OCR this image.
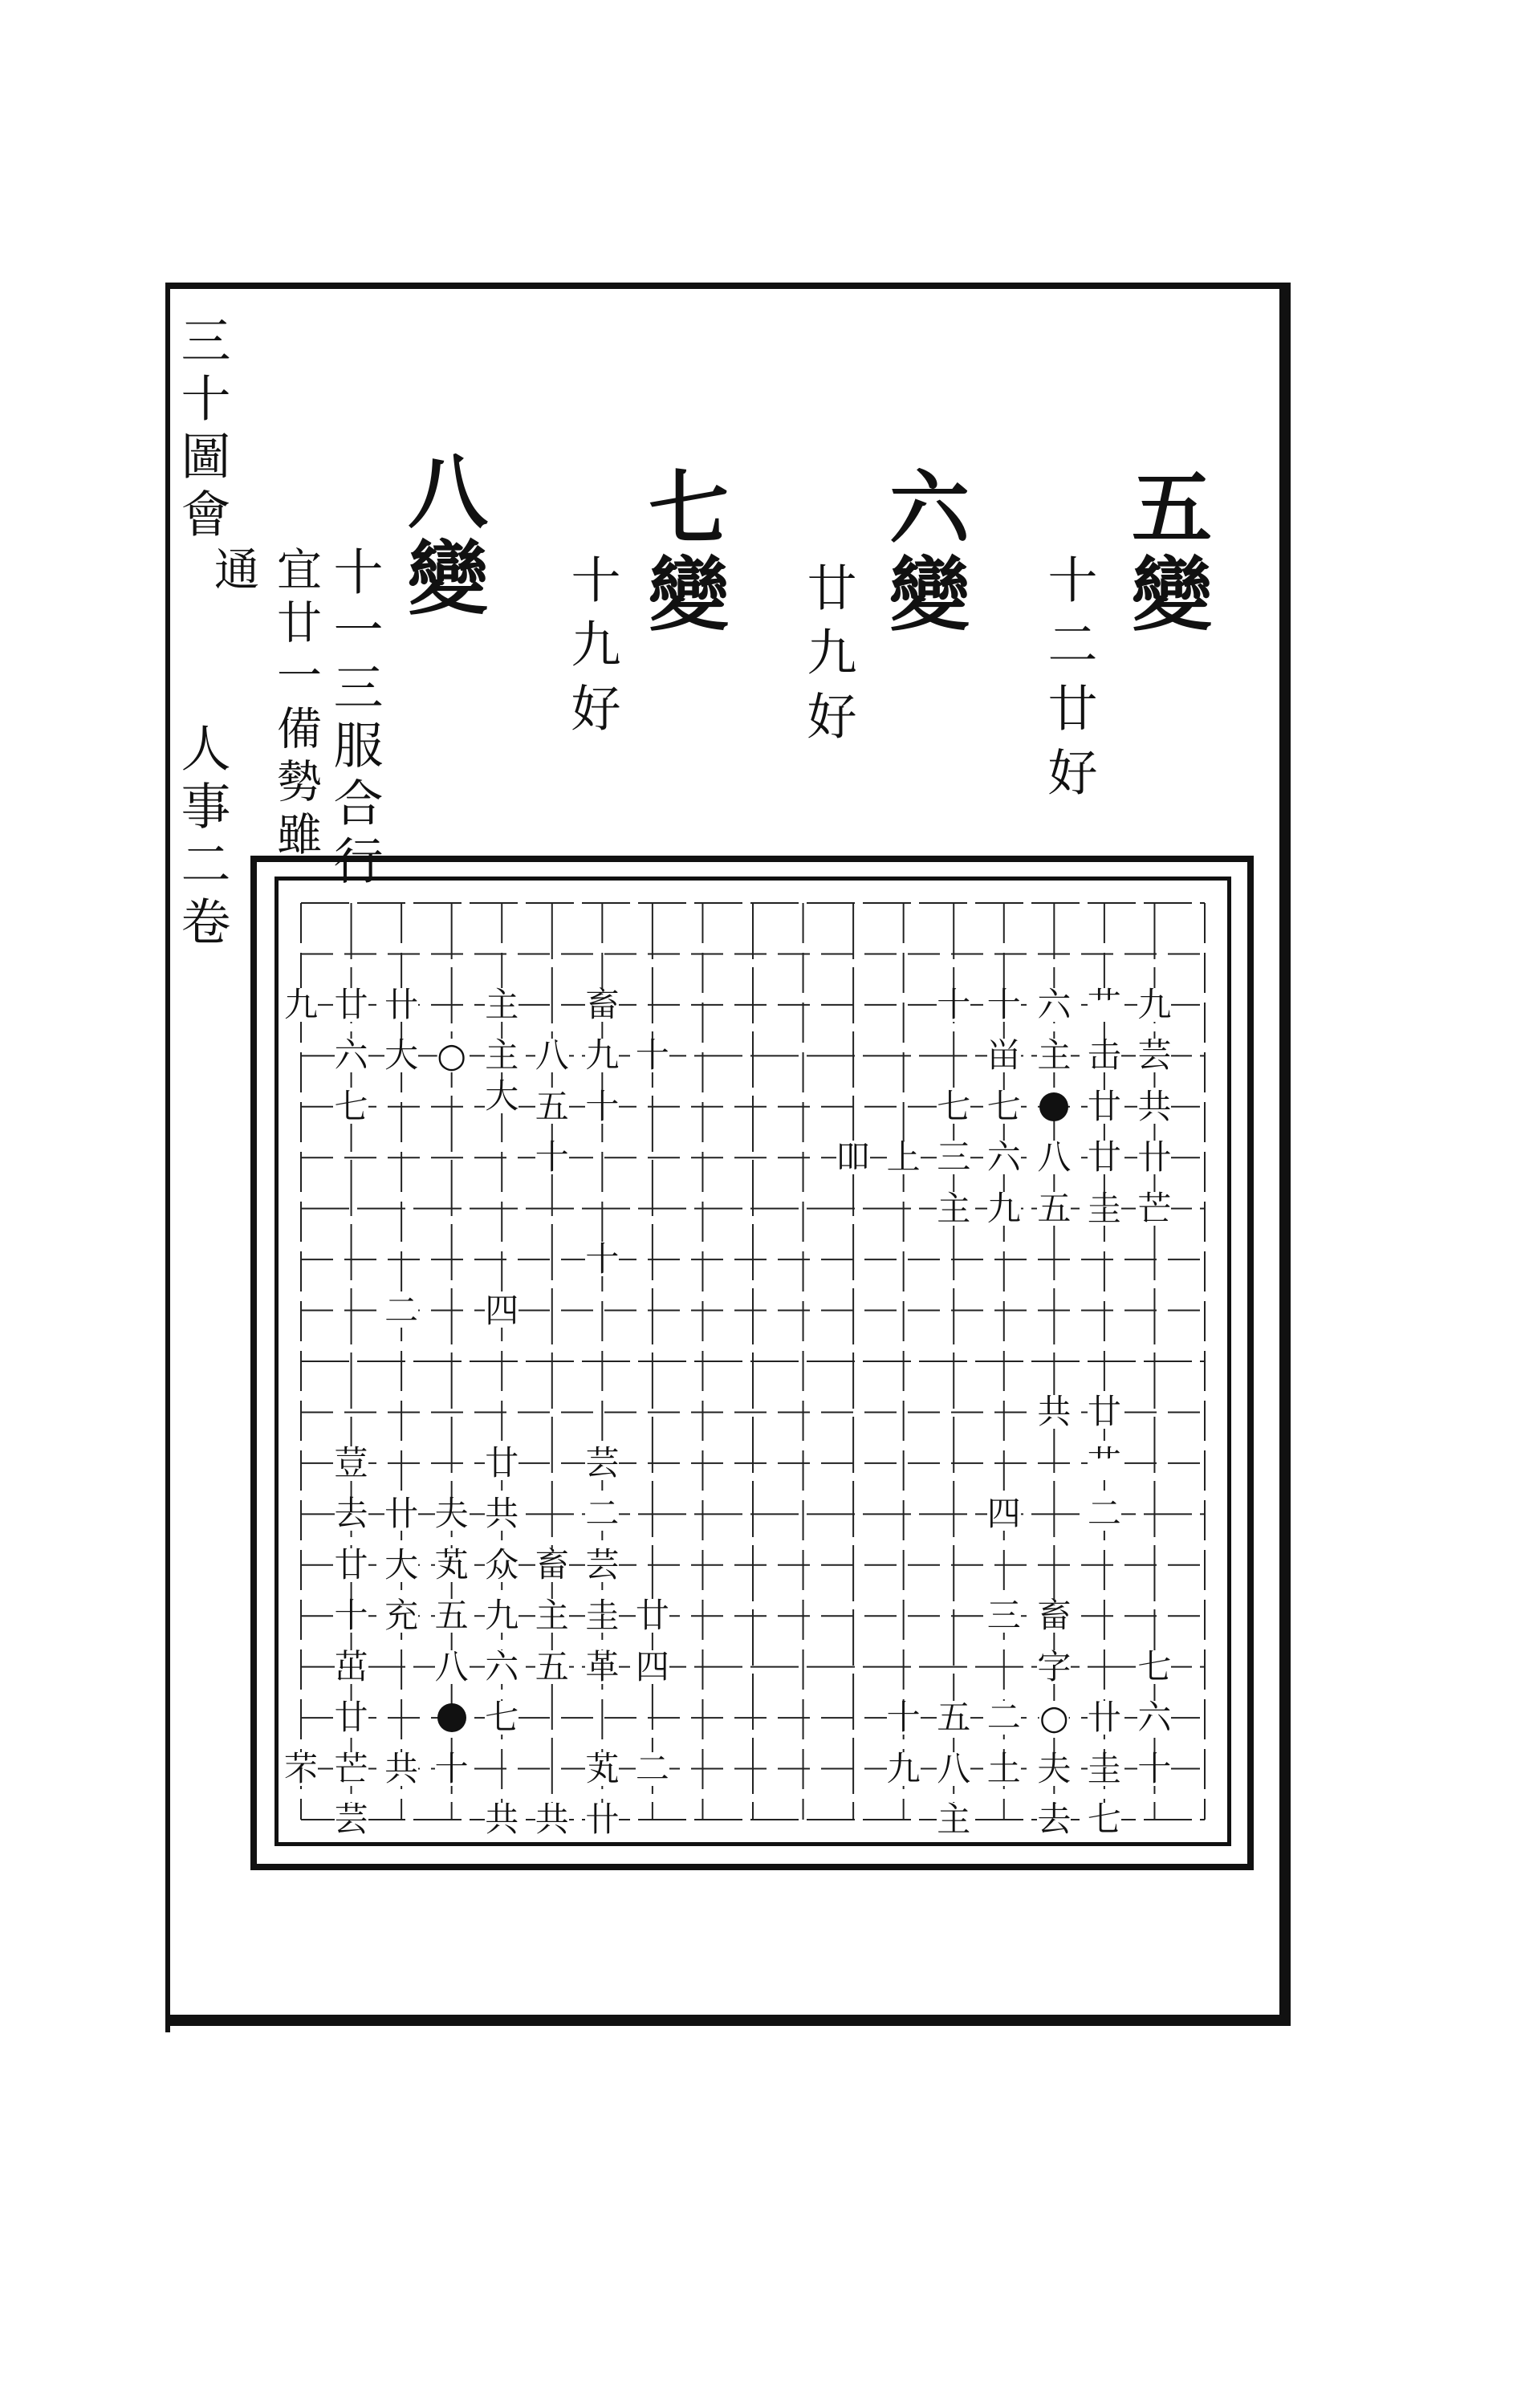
三十圖會
人事二卷
五變
十二廿好
六變
廿九好
七變
十九好
八變
十一三服合行
宜廿一備勢雖
通
九 廿
六
七
卄
大 ○
主
主
大
八
五
十
畜
九
十
十
吅 上
十
七
三
主
十
畄
七
六
九
六
主
八
五
艹
击
廿
廿
圭
九
芸
共
卄
芒
十
四
二
廿
共
艹
二
四
芸
廿
共 二
荳
去 卄 夫
廿 大 芄 众 畜 芸
十 充 五 九 主 圭 廿
茁 八 六 五 革 四
廿	七
十
共
芒
芸
芄 二
卄
共
共
芣
畜
三
字
○ 卄
圭
夫
去 七
二
五
十
土
八
九
主
七
六
十
